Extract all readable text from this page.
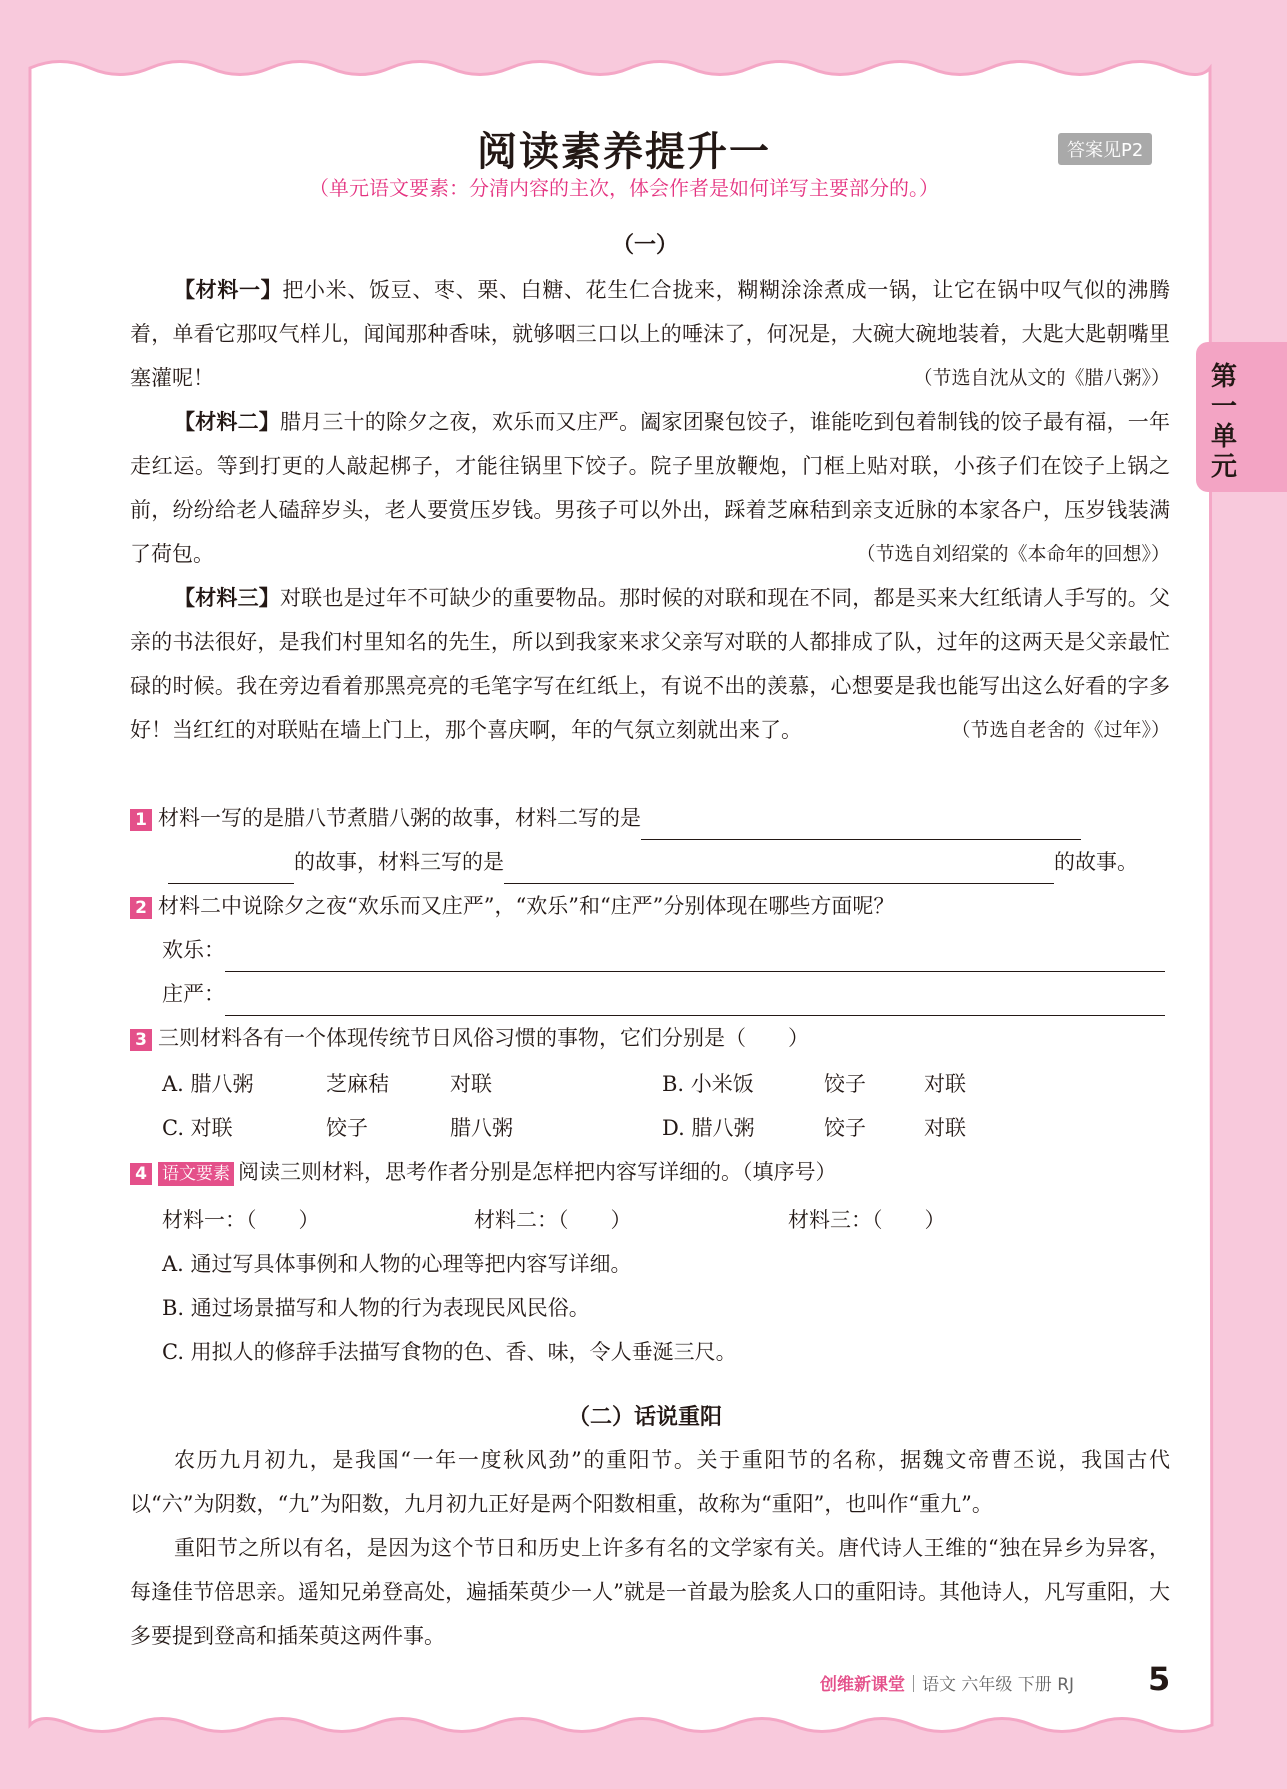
第一单元
阅读素养提升一	答案见P2
（单元语文要素：分清内容的主次，体会作者是如何详写主要部分的。）
（一）
【材料一】把小米、饭豆、枣、栗、白糖、花生仁合拢来，糊糊涂涂煮成一锅，让它在锅中叹气似的沸腾着，单看它那叹气样儿，闻闻那种香味，就够咽三口以上的唾沫了，何况是，大碗大碗地装着，大匙大匙朝嘴里塞灌呢！	（节选自沈从文的《腊八粥》）
【材料二】腊月三十的除夕之夜，欢乐而又庄严。阖家团聚包饺子，谁能吃到包着制钱的饺子最有福，一年走红运。等到打更的人敲起梆子，才能往锅里下饺子。院子里放鞭炮，门框上贴对联，小孩子们在饺子上锅之前，纷纷给老人磕辞岁头，老人要赏压岁钱。男孩子可以外出，踩着芝麻秸到亲支近脉的本家各户，压岁钱装满了荷包。	（节选自刘绍棠的《本命年的回想》）
【材料三】对联也是过年不可缺少的重要物品。那时候的对联和现在不同，都是买来大红纸请人手写的。父亲的书法很好，是我们村里知名的先生，所以到我家来求父亲写对联的人都排成了队，过年的这两天是父亲最忙碌的时候。我在旁边看着那黑亮亮的毛笔字写在红纸上，有说不出的羡慕，心想要是我也能写出这么好看的字多好！当红红的对联贴在墙上门上，那个喜庆啊，年的气氛立刻就出来了。	（节选自老舍的《过年》）
1 材料一写的是腊八节煮腊八粥的故事，材料二写的是
的故事，材料三写的是	的故事。
2 材料二中说除夕之夜“欢乐而又庄严”，“欢乐”和“庄严”分别体现在哪些方面呢？
欢乐：
庄严：
3 三则材料各有一个体现传统节日风俗习惯的事物，它们分别是（　　）
A. 腊八粥	芝麻秸	对联	B. 小米饭	饺子	对联
C. 对联	饺子	腊八粥	D. 腊八粥	饺子	对联
4 语文要素 阅读三则材料，思考作者分别是怎样把内容写详细的。（填序号）
材料一：（　　）	材料二：（　　）	材料三：（　　）
A. 通过写具体事例和人物的心理等把内容写详细。
B. 通过场景描写和人物的行为表现民风民俗。
C. 用拟人的修辞手法描写食物的色、香、味，令人垂涎三尺。
（二）话说重阳
农历九月初九，是我国“一年一度秋风劲”的重阳节。关于重阳节的名称，据魏文帝曹丕说，我国古代以“六”为阴数，“九”为阳数，九月初九正好是两个阳数相重，故称为“重阳”，也叫作“重九”。
重阳节之所以有名，是因为这个节日和历史上许多有名的文学家有关。唐代诗人王维的“独在异乡为异客，每逢佳节倍思亲。遥知兄弟登高处，遍插茱萸少一人”就是一首最为脍炙人口的重阳诗。其他诗人，凡写重阳，大多要提到登高和插茱萸这两件事。
创维新课堂｜语文 六年级 下册 RJ 5
